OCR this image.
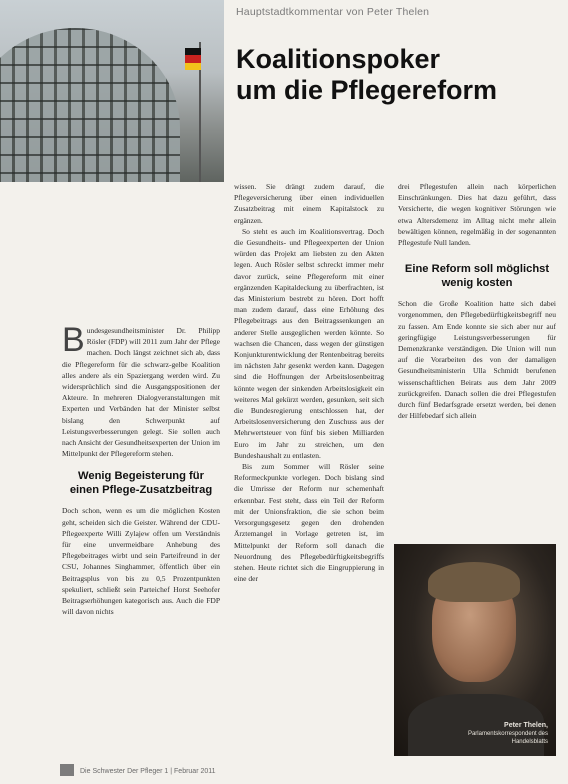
Hauptstadtkommentar von Peter Thelen
Koalitionspoker
um die Pflegereform

Bundesgesundheitsminister Dr. Philipp Rösler (FDP) will 2011 zum Jahr der Pflege machen. Doch längst zeichnet sich ab, dass die Pflegereform für die schwarz-gelbe Koalition alles andere als ein Spaziergang werden wird. Zu widersprüchlich sind die Ausgangspositionen der Akteure. In mehreren Dialogveranstaltungen mit Experten und Verbänden hat der Minister selbst bislang den Schwerpunkt auf Leistungsverbesserungen gelegt. Sie sollen auch nach Ansicht der Gesundheitsexperten der Union im Mittelpunkt der Pflegereform stehen.

Wenig Begeisterung für einen Pflege-Zusatzbeitrag

Doch schon, wenn es um die möglichen Kosten geht, scheiden sich die Geister. Während der CDU-Pflegeexperte Willi Zylajew offen um Verständnis für eine unvermeidbare Anhebung des Pflegebeitrages wirbt und sein Parteifreund in der CSU, Johannes Singhammer, öffentlich über ein Beitragsplus von bis zu 0,5 Prozentpunkten spekuliert, schließt sein Parteichef Horst Seehofer Beitragserhöhungen kategorisch aus. Auch die FDP will davon nichts

wissen. Sie drängt zudem darauf, die Pflegeversicherung über einen individuellen Zusatzbeitrag mit einem Kapitalstock zu ergänzen.

So steht es auch im Koalitionsvertrag. Doch die Gesundheits- und Pflegeexperten der Union würden das Projekt am liebsten zu den Akten legen. Auch Rösler selbst schreckt immer mehr davor zurück, seine Pflegereform mit einer ergänzenden Kapitaldeckung zu überfrachten, ist das Ministerium bestrebt zu hören. Dort hofft man zudem darauf, dass eine Erhöhung des Pflegebeitrags aus den Beitragssenkungen an anderer Stelle ausgeglichen werden könnte. So wachsen die Chancen, dass wegen der günstigen Konjunkturentwicklung der Rentenbeitrag bereits im nächsten Jahr gesenkt werden kann. Dagegen sind die Hoffnungen der Arbeitslosenbeitrag könnte wegen der sinkenden Arbeitslosigkeit ein weiteres Mal gekürzt werden, gesunken, seit sich die Bundesregierung entschlossen hat, der Arbeitslosenversicherung den Zuschuss aus der Mehrwertsteuer von fünf bis sieben Milliarden Euro im Jahr zu streichen, um den Bundeshaushalt zu entlasten.

Bis zum Sommer will Rösler seine Reformeckpunkte vorlegen. Doch bislang sind die Umrisse der Reform nur schemenhaft erkennbar. Fest steht, dass ein Teil der Reform mit der Unionsfraktion, die sie schon beim Versorgungsgesetz gegen den drohenden Ärztemangel in Vorlage getreten ist, im Mittelpunkt der Reform soll danach die Neuordnung des Pflegebedürftigkeitsbegriffs stehen. Heute richtet sich die Eingruppierung in eine der

drei Pflegestufen allein nach körperlichen Einschränkungen. Dies hat dazu geführt, dass Versicherte, die wegen kognitiver Störungen wie etwa Altersdemenz im Alltag nicht mehr allein bewältigen können, regelmäßig in der sogenannten Pflegestufe Null landen.

Eine Reform soll möglichst wenig kosten

Schon die Große Koalition hatte sich dabei vorgenommen, den Pflegebedürftigkeitsbegriff neu zu fassen. Am Ende konnte sie sich aber nur auf geringfügige Leistungsverbesserungen für Demenzkranke verständigen. Die Union will nun auf die Vorarbeiten des von der damaligen Gesundheitsministerin Ulla Schmidt berufenen wissenschaftlichen Beirats aus dem Jahr 2009 zurückgreifen. Danach sollen die drei Pflegestufen durch fünf Bedarfsgrade ersetzt werden, bei denen der Hilfebedarf sich allein

Peter Thelen,
Parlamentskorrespondent des Handelsblatts
Die Schwester Der Pfleger 1 | Februar 2011
